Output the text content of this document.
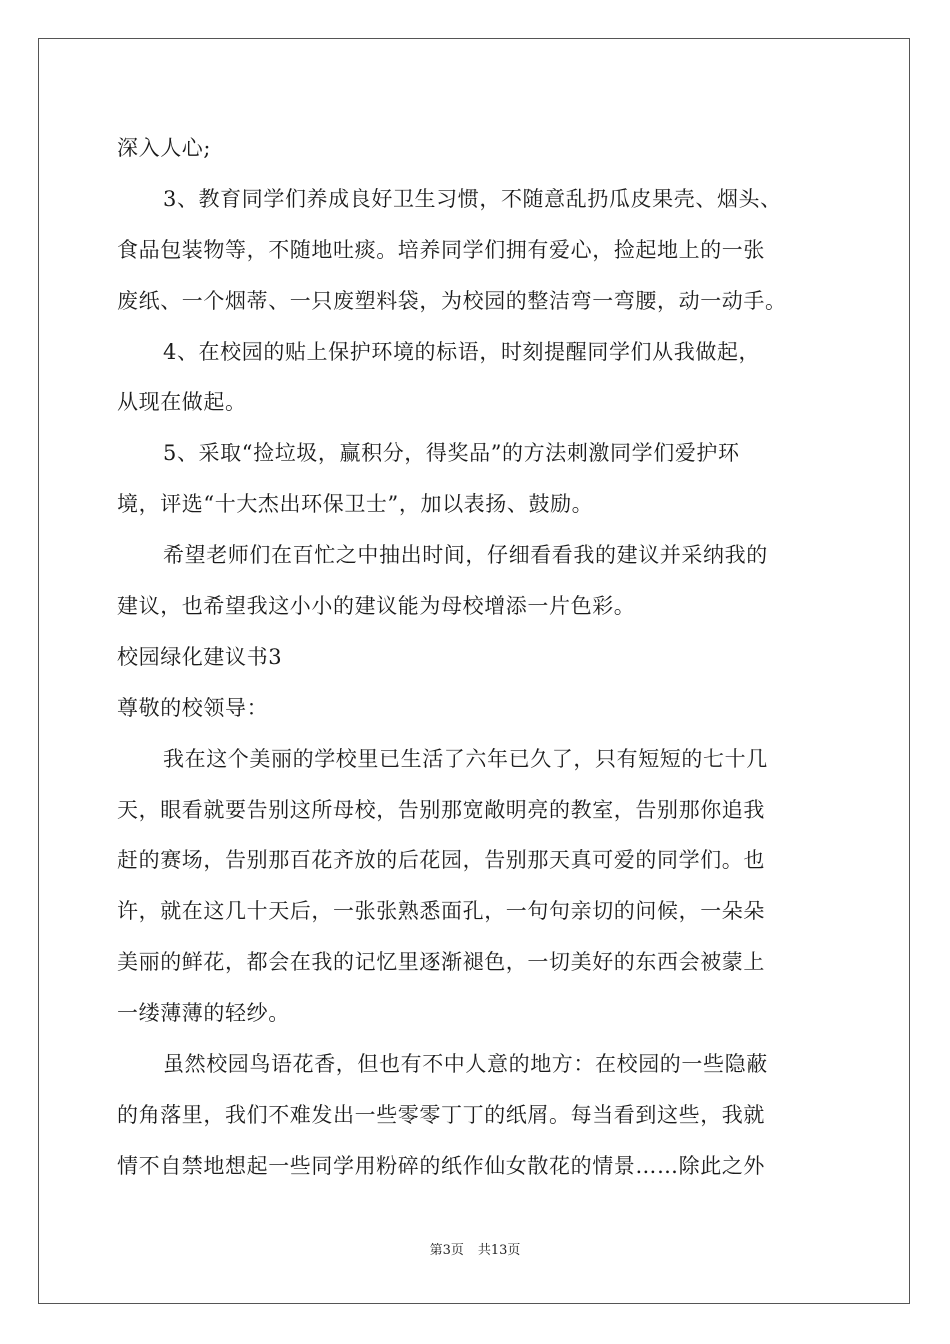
深入人心;
3、教育同学们养成良好卫生习惯，不随意乱扔瓜皮果壳、烟头、
食品包装物等，不随地吐痰。培养同学们拥有爱心，捡起地上的一张
废纸、一个烟蒂、一只废塑料袋，为校园的整洁弯一弯腰，动一动手。
4、在校园的贴上保护环境的标语，时刻提醒同学们从我做起，
从现在做起。
5、采取“捡垃圾，赢积分，得奖品”的方法刺激同学们爱护环
境，评选“十大杰出环保卫士”，加以表扬、鼓励。
希望老师们在百忙之中抽出时间，仔细看看我的建议并采纳我的
建议，也希望我这小小的建议能为母校增添一片色彩。
校园绿化建议书3
尊敬的校领导：
我在这个美丽的学校里已生活了六年已久了，只有短短的七十几
天，眼看就要告别这所母校，告别那宽敞明亮的教室，告别那你追我
赶的赛场，告别那百花齐放的后花园，告别那天真可爱的同学们。也
许，就在这几十天后，一张张熟悉面孔，一句句亲切的问候，一朵朵
美丽的鲜花，都会在我的记忆里逐渐褪色，一切美好的东西会被蒙上
一缕薄薄的轻纱。
虽然校园鸟语花香，但也有不中人意的地方：在校园的一些隐蔽
的角落里，我们不难发出一些零零丁丁的纸屑。每当看到这些，我就
情不自禁地想起一些同学用粉碎的纸作仙女散花的情景……除此之外
第3页 共13页
